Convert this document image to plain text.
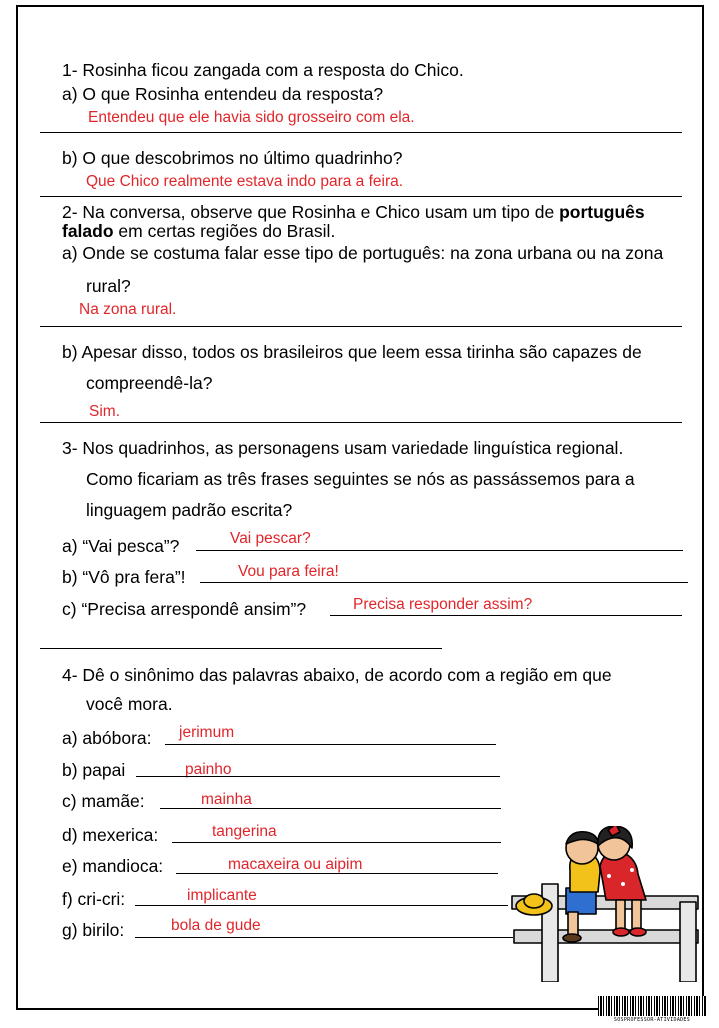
1- Rosinha ficou zangada com a resposta do Chico.
a) O que Rosinha entendeu da resposta?
Entendeu que ele havia sido grosseiro com ela.
b) O que descobrimos no último quadrinho?
Que Chico realmente estava indo para a feira.
2- Na conversa, observe que Rosinha e Chico usam um tipo de português
falado em certas regiões do Brasil.
a) Onde se costuma falar esse tipo de português: na zona urbana ou na zona
rural?
Na zona rural.
b) Apesar disso, todos os brasileiros que leem essa tirinha são capazes de
compreendê-la?
Sim.
3- Nos quadrinhos, as personagens usam variedade linguística regional.
Como ficariam as três frases seguintes se nós as passássemos para a
linguagem padrão escrita?
a) “Vai pesca”?	Vai pescar?
b) “Vô pra fera”!	Vou para feira!
c) “Precisa arrespondê ansim”?	Precisa responder assim?
4- Dê o sinônimo das palavras abaixo, de acordo com a região em que
você mora.
a) abóbora: jerimum
b) papai	painho
c) mamãe:	mainha
d) mexerica:	tangerina
e) mandioca:	macaxeira ou aipim
f) cri-cri:	implicante
g) birilo:	bola de gude
SOSPROFESSOR-ATIVIDADES
